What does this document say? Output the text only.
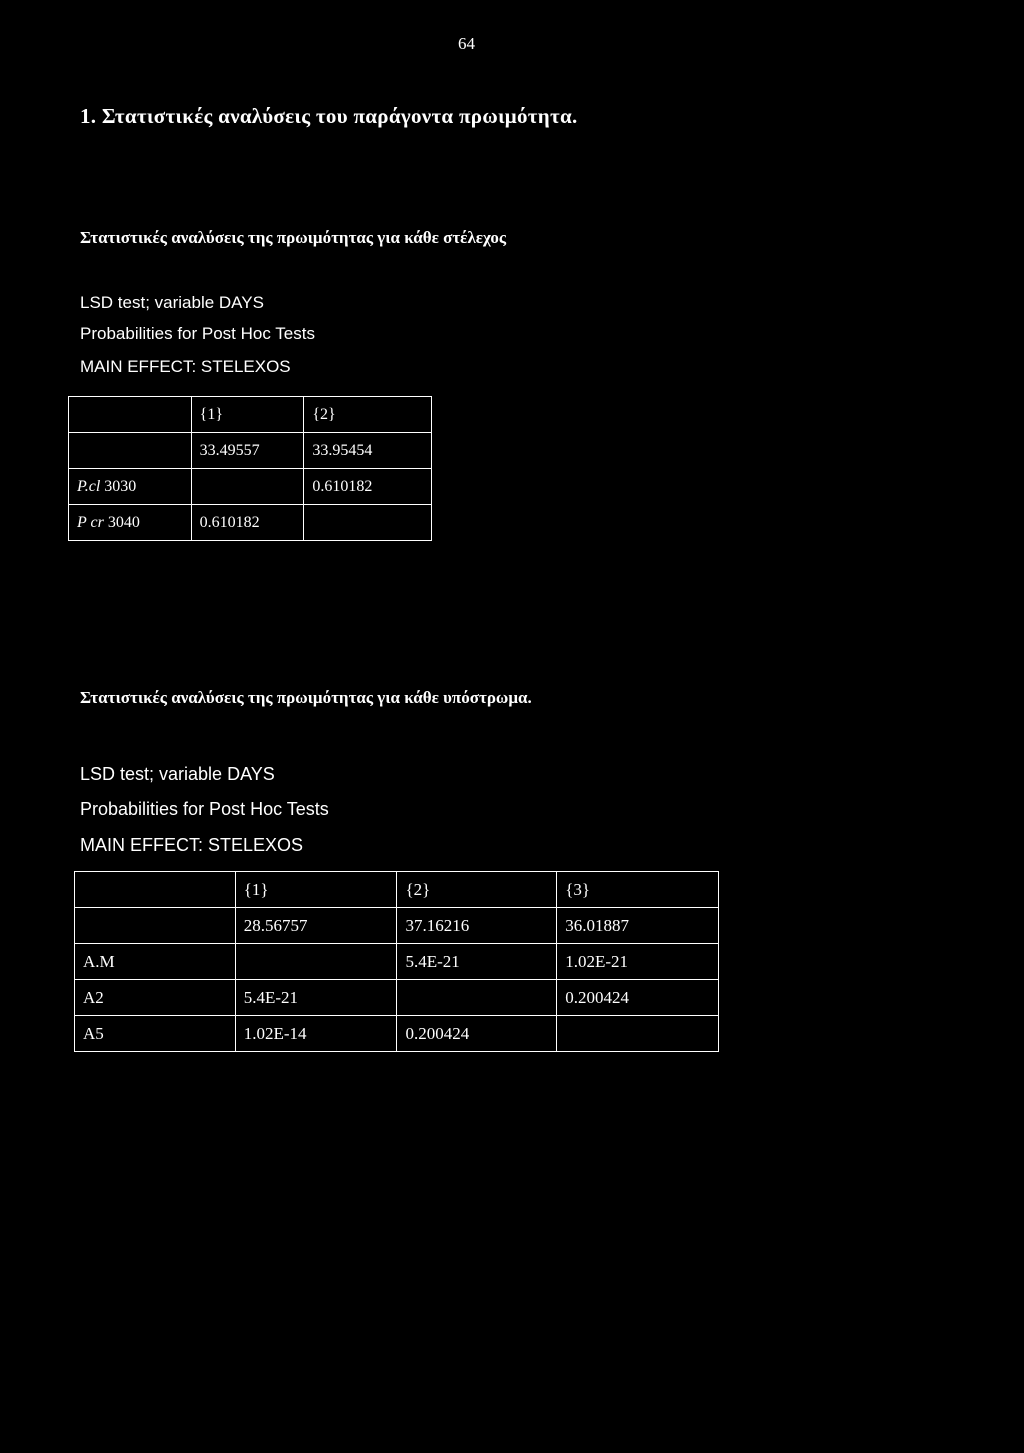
64
1. Στατιστικές αναλύσεις του παράγοντα πρωιμότητα.
Στατιστικές αναλύσεις της πρωιμότητας για κάθε στέλεχος
LSD test; variable DAYS
Probabilities for Post Hoc Tests
MAIN EFFECT: STELEXOS
	{1}	{2}
	33.49557	33.95454
P.cl 3030		0.610182
P cr 3040	0.610182	
Στατιστικές αναλύσεις της πρωιμότητας για κάθε υπόστρωμα.
LSD test; variable DAYS
Probabilities for Post Hoc Tests
MAIN EFFECT: STELEXOS
	{1}	{2}	{3}
	28.56757	37.16216	36.01887
A.M		5.4E-21	1.02E-21
A2	5.4E-21		0.200424
A5	1.02E-14	0.200424	
